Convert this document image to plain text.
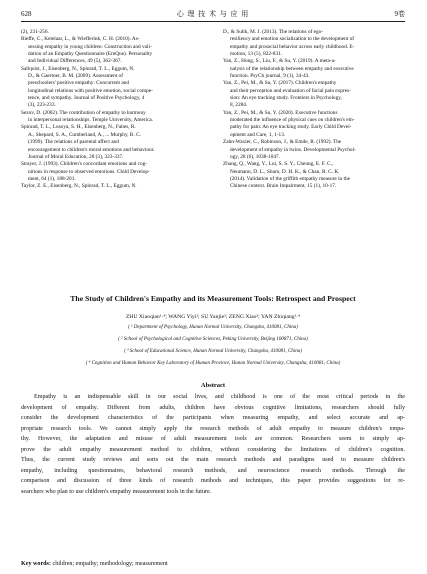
628	心 理 技 术 与 应 用	9卷

(2), 231-256.

Rieffe, C., Ketelaar, L., & Wiefferink, C. H. (2010). As-
sessing empathy in young children: Construction and vali-
dation of an Empathy Questionnaire (EmQue). Personality
and Individual Differences, 49 (5), 362-367.

Sallquist, J., Eisenberg, N., Spinrad, T. L., Eggum, N.
D., & Gaertner, B. M. (2009). Assessment of
preschoolers' positive empathy: Concurrent and
longitudinal relations with positive emotion, social compe-
tence, and sympathy. Journal of Positive Psychology, 4
(3), 223-233.

Sezov, D. (2002). The contribution of empathy to harmony
in interpersonal relationships. Temple University, America.

Spinrad, T. L., Losoya, S. H., Eisenberg, N., Fabes, R.
A., Shepard, S. A., Cumberland, A., ... Murphy, B. C.
(1999). The relations of parental affect and
encouragement to children's moral emotions and behaviour.
Journal of Moral Education, 28 (3), 323-337.

Strayer, J. (1993). Children's concordant emotions and cog-
nitions in response to observed emotions. Child Develop-
ment, 64 (1), 188-201.

Taylor, Z. E., Eisenberg, N., Spinrad, T. L., Eggum, N.

D., & Sulik, M. J. (2013). The relations of ego-
resiliency and emotion socialization to the development of
empathy and prosocial behavior across early childhood. E-
motion, 13 (5), 822-831.

Yan, Z., Hong, S., Liu, F., & Su, Y. (2019). A meta-a-
nalysis of the relationship between empathy and executive
function. PsyCh journal, 9 (1), 34-43.

Yan, Z., Pei, M., & Su, Y. (2017). Children's empathy
and their perception and evaluation of facial pain expres-
sion: An eye tracking study. Frontiers in Psychology,
8, 2284.

Yan, Z., Pei, M., & Su, Y. (2020). Executive functions
moderated the influence of physical cues on children's em-
pathy for pain: An eye tracking study. Early Child Devel-
opment and Care, 1, 1-13.

Zahn-Waxler, C., Robinson, J., & Emde, R. (1992). The
development of empathy in twins. Developmental Psychol-
ogy, 28 (6), 1038-1047.

Zhang, Q., Wang, Y., Lui, S. S. Y., Cheung, E. F. C.,
Neumann, D. L., Shum, D. H. K., & Chan, R. C. K.
(2014). Validation of the griffith empathy measure in the
Chinese context. Brain Impairment, 15 (1), 10-17.

The Study of Children's Empathy and its Measurement Tools: Retrospect and Prospect
ZHU Xiaoqian¹·⁴; WANG Yiyi²; SU Yanjie²; ZENG Xiao³; YAN Zhiqiang¹·⁴
( ¹ Department of Psychology, Hunan Normal University, Changsha, 410081, China)
( ² School of Psychological and Cognitive Sciences, Peking University, Beijing 100871, China)
( ³ School of Educational Science, Hunan Normal University, Changsha, 410081, China)
( ⁴ Cognition and Human Behavior Key Laboratory of Human Province, Hunan Normal University, Changsha, 410081, China)
Abstract
Empathy is an indispensable skill in our social lives, and childhood is one of the most critical periods in the
development of empathy. Different from adults, children have obvious cognitive limitations, researchers should fully
consider the development characteristics of the participants when measuring empathy, and select accurate and ap-
propriate research tools. We cannot simply apply the research methods of adult empathy to measure children's empa-
thy. However, the adaptation and misuse of adult measurement tools are common. Researchers seem to simply ap-
prove the adult empathy measurement method to children, without considering the limitations of children's cognition.
Thus, the current study reviews and sorts out the main research methods and paradigms used to measure children's
empathy, including questionnaires, behavioral research methods, and neuroscience research methods. Through the
comparison and discussion of three kinds of research methods and techniques, this paper provides suggestions for re-
searchers who plan to use children's empathy measurement tools in the future.
Key words: children; empathy; methodology; measurement
